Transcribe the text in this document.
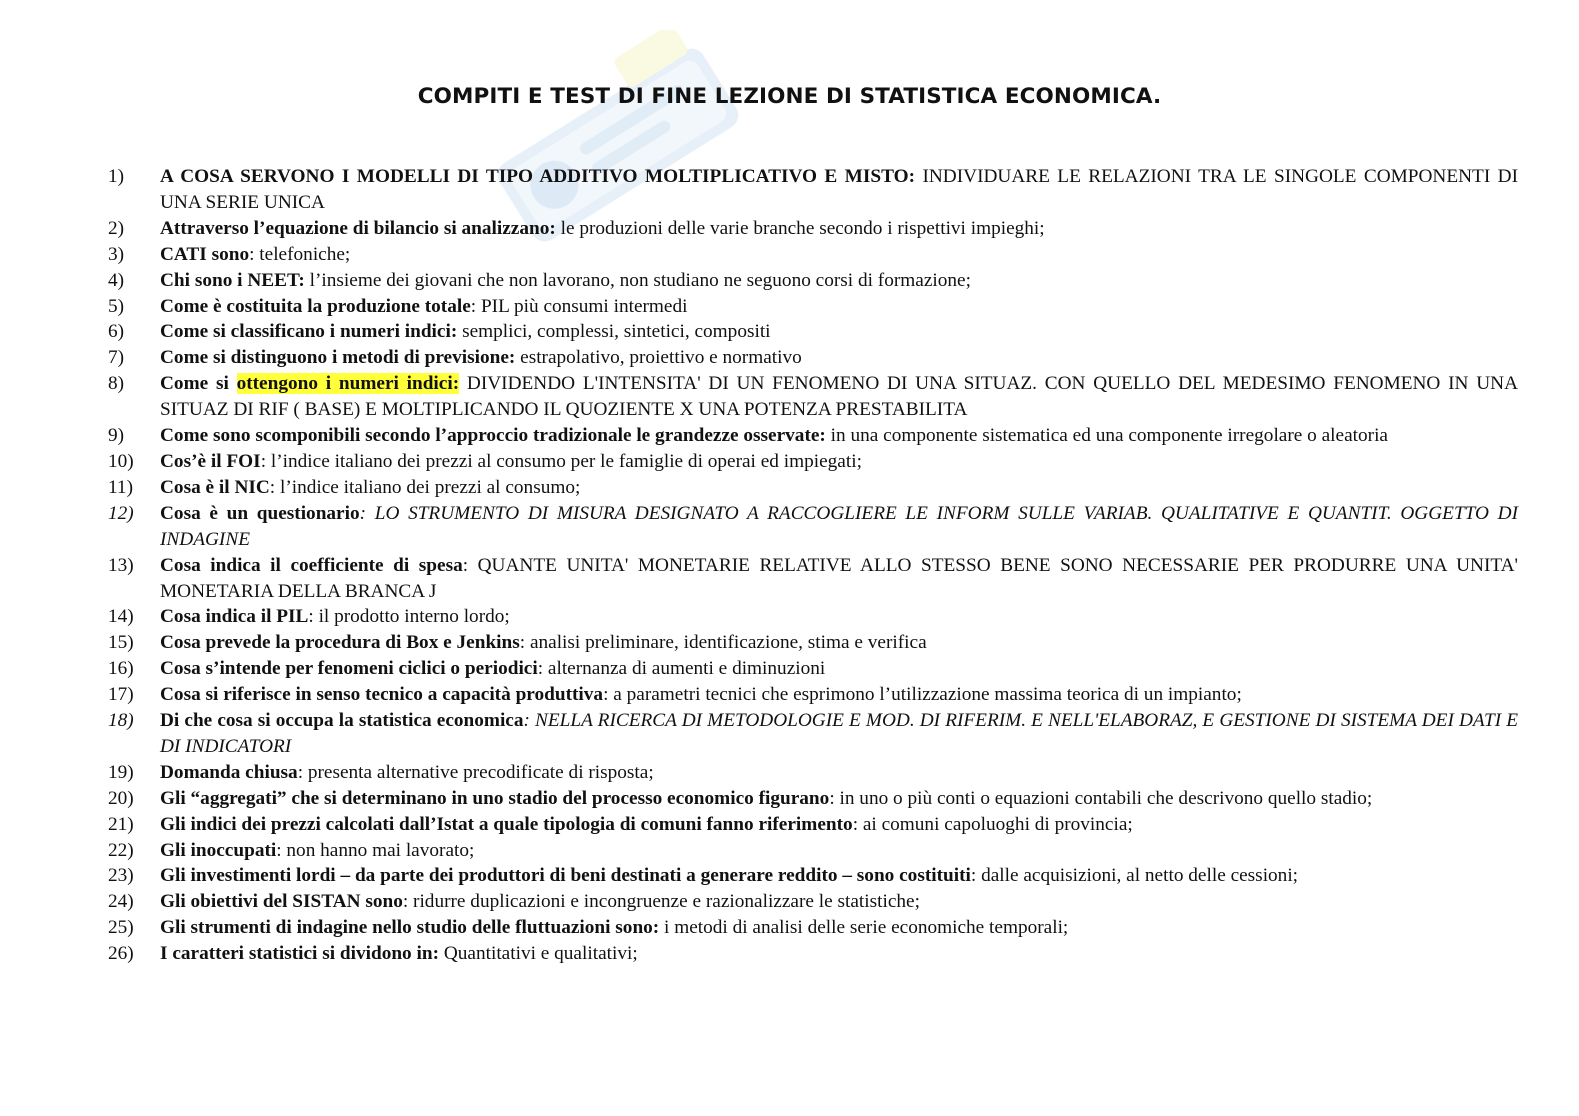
COMPITI E TEST DI FINE LEZIONE DI STATISTICA ECONOMICA.
1)	A COSA SERVONO I MODELLI DI TIPO ADDITIVO MOLTIPLICATIVO E MISTO: INDIVIDUARE LE RELAZIONI TRA LE SINGOLE COMPONENTI DI UNA SERIE UNICA
2)	Attraverso l’equazione di bilancio si analizzano: le produzioni delle varie branche secondo i rispettivi impieghi;
3)	CATI sono: telefoniche;
4)	Chi sono i NEET: l’insieme dei giovani che non lavorano, non studiano ne seguono corsi di formazione;
5)	Come è costituita la produzione totale: PIL più consumi intermedi
6)	Come si classificano i numeri indici: semplici, complessi, sintetici, compositi
7)	Come si distinguono i metodi di previsione: estrapolativo, proiettivo e normativo
8)	Come si ottengono i numeri indici: DIVIDENDO L'INTENSITA' DI UN FENOMENO DI UNA SITUAZ. CON QUELLO DEL MEDESIMO FENOMENO IN UNA SITUAZ DI RIF ( BASE) E MOLTIPLICANDO IL QUOZIENTE X UNA POTENZA PRESTABILITA
9)	Come sono scomponibili secondo l’approccio tradizionale le grandezze osservate: in una componente sistematica ed una componente irregolare o aleatoria
10)	Cos’è il FOI: l’indice italiano dei prezzi al consumo per le famiglie di operai ed impiegati;
11)	Cosa è il NIC: l’indice italiano dei prezzi al consumo;
12)	Cosa è un questionario: LO STRUMENTO DI MISURA DESIGNATO A RACCOGLIERE LE INFORM SULLE VARIAB. QUALITATIVE E QUANTIT. OGGETTO DI INDAGINE
13)	Cosa indica il coefficiente di spesa: QUANTE UNITA' MONETARIE RELATIVE ALLO STESSO BENE SONO NECESSARIE PER PRODURRE UNA UNITA' MONETARIA DELLA BRANCA J
14)	Cosa indica il PIL: il prodotto interno lordo;
15)	Cosa prevede la procedura di Box e Jenkins: analisi preliminare, identificazione, stima e verifica
16)	Cosa s’intende per fenomeni ciclici o periodici: alternanza di aumenti e diminuzioni
17)	Cosa si riferisce in senso tecnico a capacità produttiva: a parametri tecnici che esprimono l’utilizzazione massima teorica di un impianto;
18)	Di che cosa si occupa la statistica economica: NELLA RICERCA DI METODOLOGIE E MOD. DI RIFERIM. E NELL'ELABORAZ, E GESTIONE DI SISTEMA DEI DATI E DI INDICATORI
19)	Domanda chiusa: presenta alternative precodificate di risposta;
20)	Gli “aggregati” che si determinano in uno stadio del processo economico figurano: in uno o più conti o equazioni contabili che descrivono quello stadio;
21)	Gli indici dei prezzi calcolati dall’Istat a quale tipologia di comuni fanno riferimento: ai comuni capoluoghi di provincia;
22)	Gli inoccupati: non hanno mai lavorato;
23)	Gli investimenti lordi – da parte dei produttori di beni destinati a generare reddito – sono costituiti: dalle acquisizioni, al netto delle cessioni;
24)	Gli obiettivi del SISTAN sono: ridurre duplicazioni e incongruenze e razionalizzare le statistiche;
25)	Gli strumenti di indagine nello studio delle fluttuazioni sono: i metodi di analisi delle serie economiche temporali;
26)	I caratteri statistici si dividono in: Quantitativi e qualitativi;
